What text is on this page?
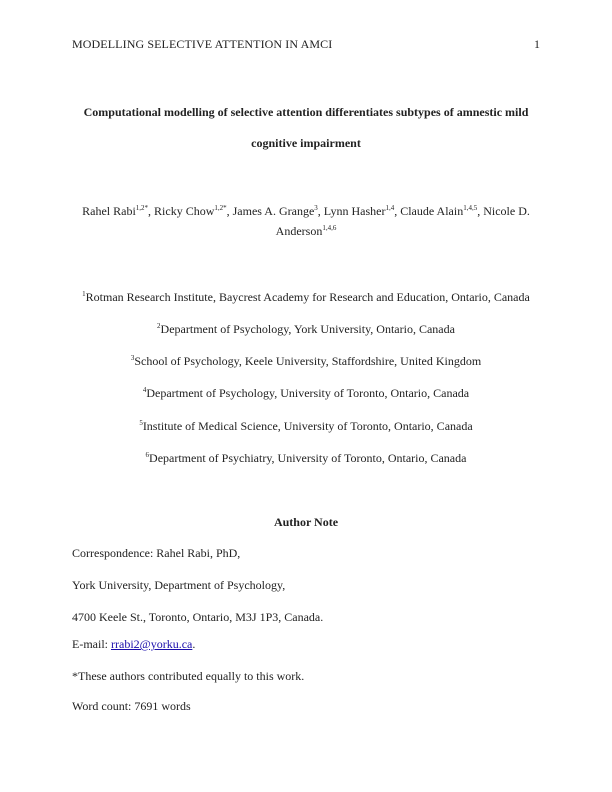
MODELLING SELECTIVE ATTENTION IN AMCI	1
Computational modelling of selective attention differentiates subtypes of amnestic mild
cognitive impairment
Rahel Rabi$^{1,2*}$, Ricky Chow$^{1,2*}$, James A. Grange$^3$, Lynn Hasher$^{1,4}$, Claude Alain$^{1,4,5}$, Nicole D. Anderson$^{1,4,6}$
$^1$Rotman Research Institute, Baycrest Academy for Research and Education, Ontario, Canada
$^2$Department of Psychology, York University, Ontario, Canada
$^3$School of Psychology, Keele University, Staffordshire, United Kingdom
$^4$Department of Psychology, University of Toronto, Ontario, Canada
$^5$Institute of Medical Science, University of Toronto, Ontario, Canada
$^6$Department of Psychiatry, University of Toronto, Ontario, Canada
Author Note
Correspondence: Rahel Rabi, PhD,
York University, Department of Psychology,
4700 Keele St., Toronto, Ontario, M3J 1P3, Canada.
E-mail: rrabi2@yorku.ca.
*These authors contributed equally to this work.
Word count: 7691 words
